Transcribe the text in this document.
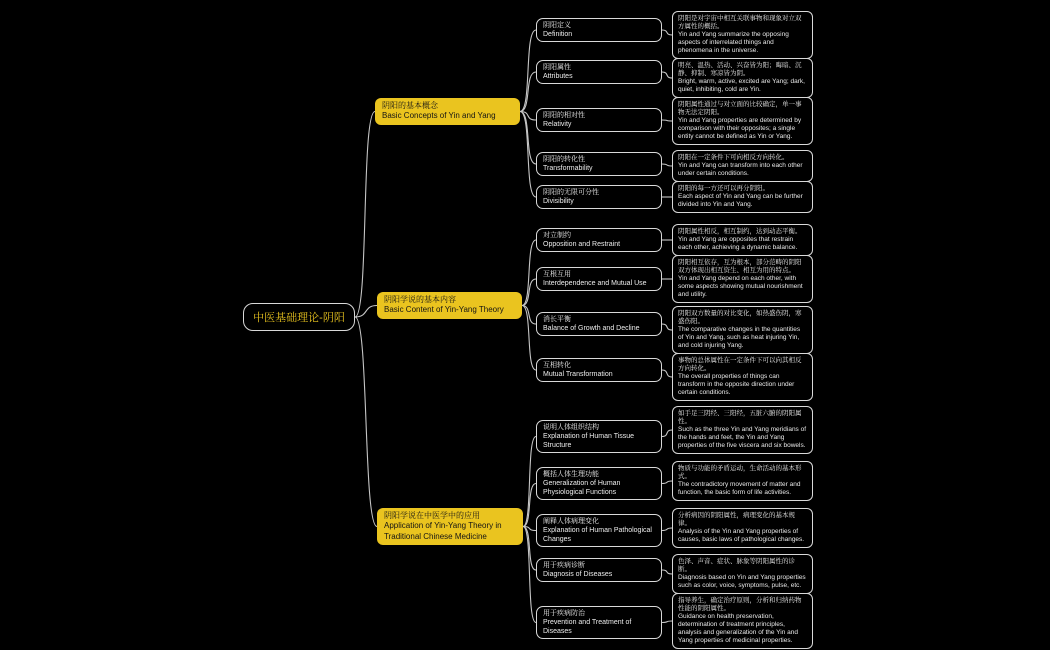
中医基础理论-阴阳
阴阳的基本概念
Basic Concepts of Yin and Yang
阴阳定义
Definition
阴阳是对宇宙中相互关联事物和现象对立双方属性的概括。
Yin and Yang summarize the opposing aspects of interrelated things and phenomena in the universe.
阴阳属性
Attributes
明亮、温热、活动、兴奋皆为阳；晦暗、沉静、抑制、寒凉皆为阴。
Bright, warm, active, excited are Yang; dark, quiet, inhibiting, cold are Yin.
阴阳的相对性
Relativity
阴阳属性通过与对立面的比较确定，单一事物无法定阴阳。
Yin and Yang properties are determined by comparison with their opposites; a single entity cannot be defined as Yin or Yang.
阴阳的转化性
Transformability
阴阳在一定条件下可向相反方向转化。
Yin and Yang can transform into each other under certain conditions.
阴阳的无限可分性
Divisibility
阴阳的每一方还可以再分阴阳。
Each aspect of Yin and Yang can be further divided into Yin and Yang.
阴阳学说的基本内容
Basic Content of Yin-Yang Theory
对立制约
Opposition and Restraint
阴阳属性相反，相互制约，达到动态平衡。
Yin and Yang are opposites that restrain each other, achieving a dynamic balance.
互根互用
Interdependence and Mutual Use
阴阳相互依存，互为根本，部分范畴的阴阳双方体现出相互资生、相互为用的特点。
Yin and Yang depend on each other, with some aspects showing mutual nourishment and utility.
消长平衡
Balance of Growth and Decline
阴阳双方数量的对比变化，如热盛伤阴，寒盛伤阳。
The comparative changes in the quantities of Yin and Yang, such as heat injuring Yin, and cold injuring Yang.
互相转化
Mutual Transformation
事物的总体属性在一定条件下可以向其相反方向转化。
The overall properties of things can transform in the opposite direction under certain conditions.
阴阳学说在中医学中的应用
Application of Yin-Yang Theory in Traditional Chinese Medicine
说明人体组织结构
Explanation of Human Tissue Structure
如手足三阴经、三阳经，五脏六腑的阴阳属性。
Such as the three Yin and Yang meridians of the hands and feet, the Yin and Yang properties of the five viscera and six bowels.
概括人体生理功能
Generalization of Human Physiological Functions
物质与功能的矛盾运动，生命活动的基本形式。
The contradictory movement of matter and function, the basic form of life activities.
阐释人体病理变化
Explanation of Human Pathological Changes
分析病因的阴阳属性，病理变化的基本规律。
Analysis of the Yin and Yang properties of causes, basic laws of pathological changes.
用于疾病诊断
Diagnosis of Diseases
色泽、声音、症状、脉象等阴阳属性的诊断。
Diagnosis based on Yin and Yang properties such as color, voice, symptoms, pulse, etc.
用于疾病防治
Prevention and Treatment of Diseases
指导养生，确定治疗原则，分析和归纳药物性能的阴阳属性。
Guidance on health preservation, determination of treatment principles, analysis and generalization of the Yin and Yang properties of medicinal properties.
